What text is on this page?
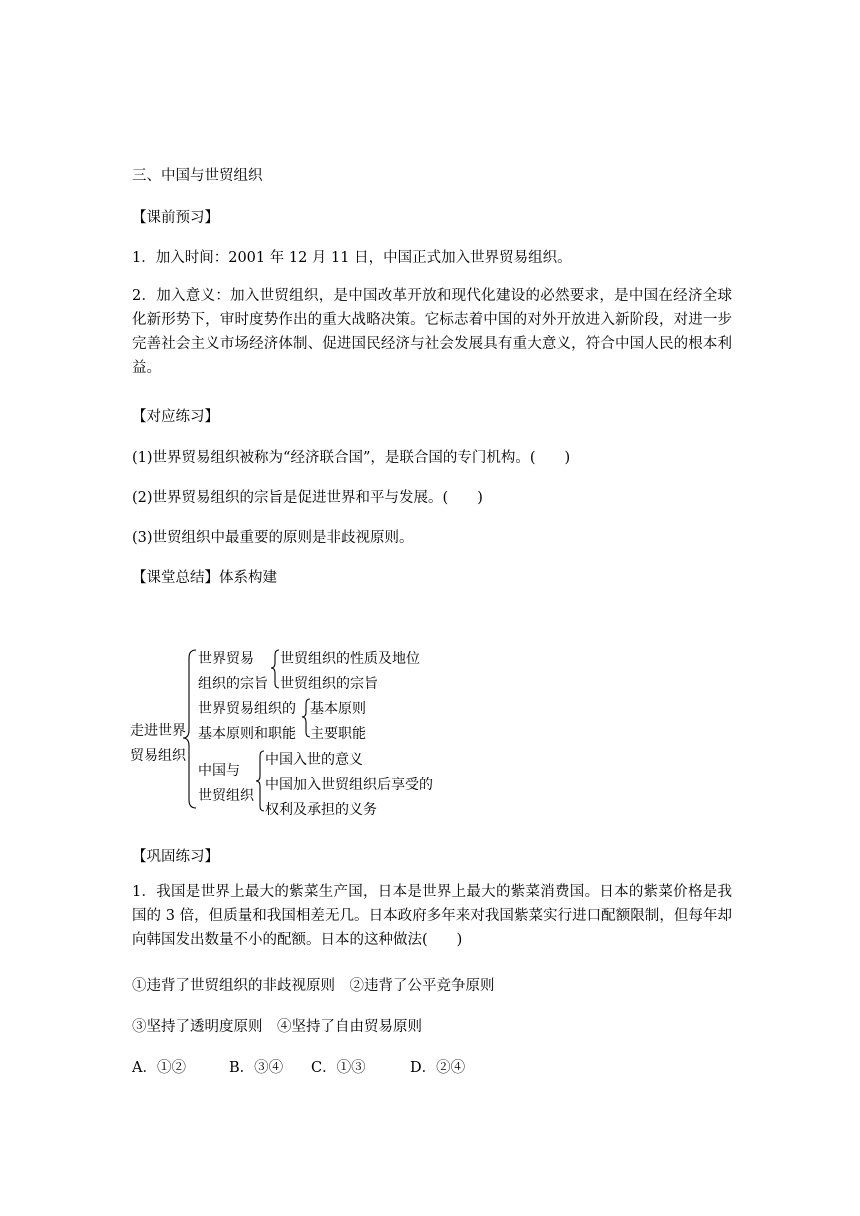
三、中国与世贸组织
【课前预习】
1．加入时间：2001 年 12 月 11 日，中国正式加入世界贸易组织。
2．加入意义：加入世贸组织，是中国改革开放和现代化建设的必然要求，是中国在经济全球化新形势下，审时度势作出的重大战略决策。它标志着中国的对外开放进入新阶段，对进一步完善社会主义市场经济体制、促进国民经济与社会发展具有重大意义，符合中国人民的根本利益。
【对应练习】
(1)世界贸易组织被称为“经济联合国”，是联合国的专门机构。(　　)
(2)世界贸易组织的宗旨是促进世界和平与发展。(　　)
(3)世贸组织中最重要的原则是非歧视原则。
【课堂总结】体系构建
走进世界
贸易组织
世界贸易
组织的宗旨
世贸组织的性质及地位
世贸组织的宗旨
世界贸易组织的
基本原则和职能
基本原则
主要职能
中国与
世贸组织
中国入世的意义
中国加入世贸组织后享受的
权利及承担的义务
【巩固练习】
1．我国是世界上最大的紫菜生产国，日本是世界上最大的紫菜消费国。日本的紫菜价格是我国的 3 倍，但质量和我国相差无几。日本政府多年来对我国紫菜实行进口配额限制，但每年却向韩国发出数量不小的配额。日本的这种做法(　　)
①违背了世贸组织的非歧视原则　②违背了公平竞争原则
③坚持了透明度原则　④坚持了自由贸易原则
A．①②	B．③④ C．①③	D．②④
